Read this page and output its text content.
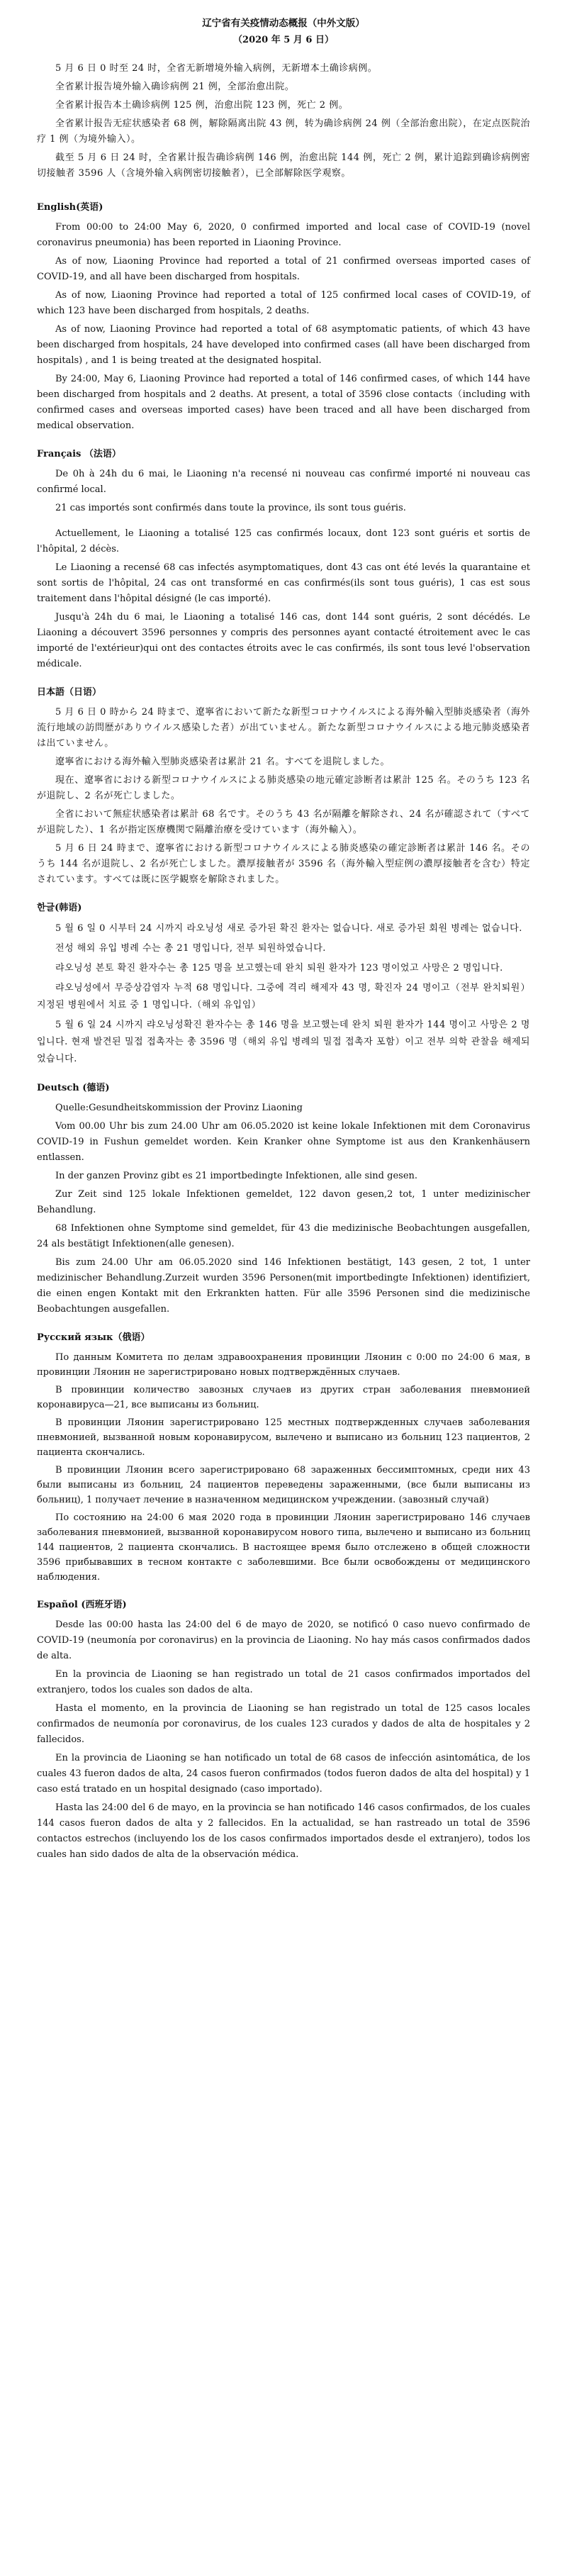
辽宁省有关疫情动态概报（中外文版）

（2020 年 5 月 6 日）

5 月 6 日 0 时至 24 时，全省无新增境外输入病例，无新增本土确诊病例。

全省累计报告境外输入确诊病例 21 例，全部治愈出院。

全省累计报告本土确诊病例 125 例，治愈出院 123 例，死亡 2 例。

全省累计报告无症状感染者 68 例，解除隔离出院 43 例，转为确诊病例 24 例（全部治愈出院），在定点医院治疗 1 例（为境外输入）。

截至 5 月 6 日 24 时，全省累计报告确诊病例 146 例，治愈出院 144 例，死亡 2 例，累计追踪到确诊病例密切接触者 3596 人（含境外输入病例密切接触者），已全部解除医学观察。

English(英语)

From 00:00 to 24:00 May 6, 2020, 0 confirmed imported and local case of COVID-19 (novel coronavirus pneumonia) has been reported in Liaoning Province.

As of now, Liaoning Province had reported a total of 21 confirmed overseas imported cases of COVID-19, and all have been discharged from hospitals.

As of now, Liaoning Province had reported a total of 125 confirmed local cases of COVID-19, of which 123 have been discharged from hospitals, 2 deaths.

As of now, Liaoning Province had reported a total of 68 asymptomatic patients, of which 43 have been discharged from hospitals, 24 have developed into confirmed cases (all have been discharged from hospitals) , and 1 is being treated at the designated hospital.

By 24:00, May 6, Liaoning Province had reported a total of 146 confirmed cases, of which 144 have been discharged from hospitals and 2 deaths. At present, a total of 3596 close contacts（including with confirmed cases and overseas imported cases) have been traced and all have been discharged from medical observation.

Français （法语）

De 0h à 24h du 6 mai, le Liaoning n'a recensé ni nouveau cas confirmé importé ni nouveau cas confirmé local.

21 cas importés sont confirmés dans toute la province, ils sont tous guéris.

Actuellement, le Liaoning a totalisé 125 cas confirmés locaux, dont 123 sont guéris et sortis de l'hôpital, 2 décès.

Le Liaoning a recensé 68 cas infectés asymptomatiques, dont 43 cas ont été levés la quarantaine et sont sortis de l'hôpital, 24 cas ont transformé en cas confirmés(ils sont tous guéris), 1 cas est sous traitement dans l'hôpital désigné (le cas importé).

Jusqu'à 24h du 6 mai, le Liaoning a totalisé 146 cas, dont 144 sont guéris, 2 sont décédés. Le Liaoning a découvert 3596 personnes y compris des personnes ayant contacté étroitement avec le cas importé de l'extérieur)qui ont des contactes étroits avec le cas confirmés, ils sont tous levé l'observation médicale.

日本語（日语）

5 月 6 日 0 時から 24 時まで、遼寧省において新たな新型コロナウイルスによる海外輸入型肺炎感染者（海外流行地域の訪問歴がありウイルス感染した者）が出ていません。新たな新型コロナウイルスによる地元肺炎感染者は出ていません。

遼寧省における海外輸入型肺炎感染者は累計 21 名。すべてを退院しました。

現在、遼寧省における新型コロナウイルスによる肺炎感染の地元確定診断者は累計 125 名。そのうち 123 名が退院し、2 名が死亡しました。

全省において無症状感染者は累計 68 名です。そのうち 43 名が隔離を解除され、24 名が確認されて（すべてが退院した）、1 名が指定医療機関で隔離治療を受けています（海外輸入）。

5 月 6 日 24 時まで、遼寧省における新型コロナウイルスによる肺炎感染の確定診断者は累計 146 名。そのうち 144 名が退院し、2 名が死亡しました。濃厚接触者が 3596 名（海外輸入型症例の濃厚接触者を含む）特定されています。すべては既に医学観察を解除されました。

한글(韩语)

5 월 6 일 0 시부터 24 시까지 라오닝성 새로 증가된 확진 환자는 없습니다. 새로 증가된 회원 병례는 없습니다.

전성 해외 유입 병례 수는 총 21 명입니다, 전부 퇴원하였습니다.

랴오닝성 본토 확진 환자수는 총 125 명을 보고했는데 완치 퇴원 환자가 123 명이었고 사망은 2 명입니다.

랴오닝성에서 무증상감염자 누적 68 명입니다. 그중에 격리 해제자 43 명, 확진자 24 명이고（전부 완치퇴원）지정된 병원에서 치료 중 1 명입니다.（해외 유입임）

5 월 6 일 24 시까지 랴오닝성확진 환자수는 총 146 명을 보고했는데 완치 퇴원 환자가 144 명이고 사망은 2 명입니다. 현재 발견된 밀접 접촉자는 총 3596 명（해외 유입 병례의 밀접 접촉자 포함）이고 전부 의학 관찰을 해제되었습니다.

Deutsch (德语)

Quelle:Gesundheitskommission der Provinz Liaoning

Vom 00.00 Uhr bis zum 24.00 Uhr am 06.05.2020 ist keine lokale Infektionen mit dem Coronavirus COVID-19 in Fushun gemeldet worden. Kein Kranker ohne Symptome ist aus den Krankenhäusern entlassen.

In der ganzen Provinz gibt es 21 importbedingte Infektionen, alle sind gesen.

Zur Zeit sind 125 lokale Infektionen gemeldet, 122 davon gesen,2 tot, 1 unter medizinischer Behandlung.

68 Infektionen ohne Symptome sind gemeldet, für 43 die medizinische Beobachtungen ausgefallen, 24 als bestätigt Infektionen(alle genesen).

Bis zum 24.00 Uhr am 06.05.2020 sind 146 Infektionen bestätigt, 143 gesen, 2 tot, 1 unter medizinischer Behandlung.Zurzeit wurden 3596 Personen(mit importbedingte Infektionen) identifiziert, die einen engen Kontakt mit den Erkrankten hatten. Für alle 3596 Personen sind die medizinische Beobachtungen ausgefallen.

Русский язык（俄语）

По данным Комитета по делам здравоохранения провинции Ляонин с 0:00 по 24:00 6 мая, в провинции Ляонин не зарегистрировано новых подтверждённых случаев.

В провинции количество завозных случаев из других стран заболевания пневмонией коронавируса—21, все выписаны из больниц.

В провинции Ляонин зарегистрировано 125 местных подтвержденных случаев заболевания пневмонией, вызванной новым коронавирусом, вылечено и выписано из больниц 123 пациентов, 2 пациента скончались.

В провинции Ляонин всего зарегистрировано 68 зараженных бессимптомных, среди них 43 были выписаны из больниц, 24 пациентов переведены зараженными, (все были выписаны из больниц), 1 получает лечение в назначенном медицинском учреждении. (завозный случай)

По состоянию на 24:00 6 мая 2020 года в провинции Ляонин зарегистрировано 146 случаев заболевания пневмонией, вызванной коронавирусом нового типа, вылечено и выписано из больниц 144 пациентов, 2 пациента скончались. В настоящее время было отслежено в общей сложности 3596 прибывавших в тесном контакте с заболевшими. Все были освобождены от медицинского наблюдения.

Español (西班牙语)

Desde las 00:00 hasta las 24:00 del 6 de mayo de 2020, se notificó 0 caso nuevo confirmado de COVID-19 (neumonía por coronavirus) en la provincia de Liaoning. No hay más casos confirmados dados de alta.

En la provincia de Liaoning se han registrado un total de 21 casos confirmados importados del extranjero, todos los cuales son dados de alta.

Hasta el momento, en la provincia de Liaoning se han registrado un total de 125 casos locales confirmados de neumonía por coronavirus, de los cuales 123 curados y dados de alta de hospitales y 2 fallecidos.

En la provincia de Liaoning se han notificado un total de 68 casos de infección asintomática, de los cuales 43 fueron dados de alta, 24 casos fueron confirmados (todos fueron dados de alta del hospital) y 1 caso está tratado en un hospital designado (caso importado).

Hasta las 24:00 del 6 de mayo, en la provincia se han notificado 146 casos confirmados, de los cuales 144 casos fueron dados de alta y 2 fallecidos. En la actualidad, se han rastreado un total de 3596 contactos estrechos (incluyendo los de los casos confirmados importados desde el extranjero), todos los cuales han sido dados de alta de la observación médica.
